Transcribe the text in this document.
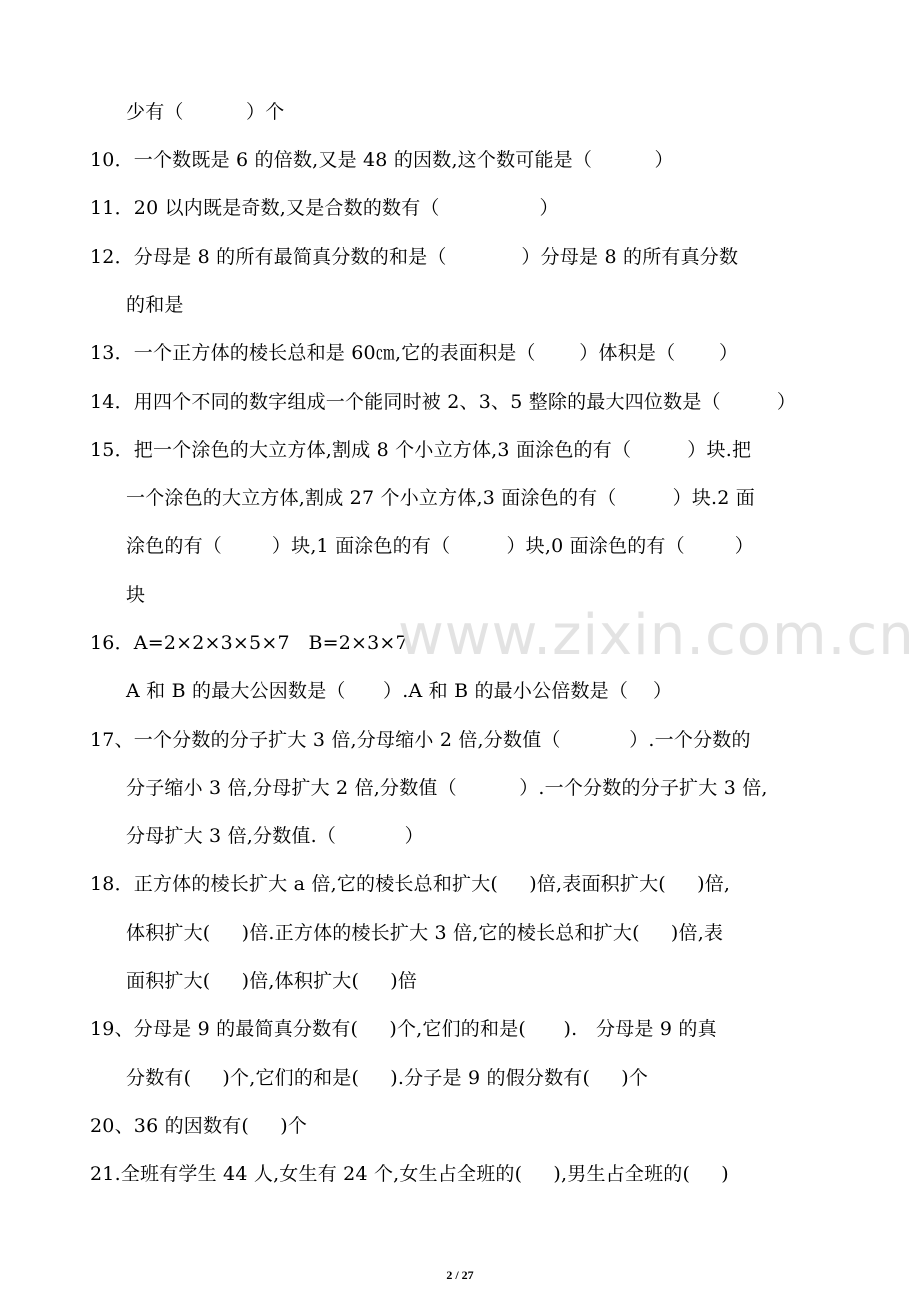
少有（          ）个
10．一个数既是 6 的倍数,又是 48 的因数,这个数可能是（          ）
11．20 以内既是奇数,又是合数的数有（                ）
12．分母是 8 的所有最简真分数的和是（            ）分母是 8 的所有真分数
的和是
13．一个正方体的棱长总和是 60㎝,它的表面积是（       ）体积是（       ）
14．用四个不同的数字组成一个能同时被 2、3、5 整除的最大四位数是（         ）
15．把一个涂色的大立方体,割成 8 个小立方体,3 面涂色的有（         ）块.把
一个涂色的大立方体,割成 27 个小立方体,3 面涂色的有（         ）块.2 面
涂色的有（        ）块,1 面涂色的有（         ）块,0 面涂色的有（        ）
块
16．A=2×2×3×5×7   B=2×3×7
A 和 B 的最大公因数是（      ）.A 和 B 的最小公倍数是（    ）
17、一个分数的分子扩大 3 倍,分母缩小 2 倍,分数值（           ）.一个分数的
分子缩小 3 倍,分母扩大 2 倍,分数值（          ）.一个分数的分子扩大 3 倍,
分母扩大 3 倍,分数值.（           ）
18．正方体的棱长扩大 a 倍,它的棱长总和扩大(     )倍,表面积扩大(     )倍,
体积扩大(     )倍.正方体的棱长扩大 3 倍,它的棱长总和扩大(     )倍,表
面积扩大(     )倍,体积扩大(     )倍
19、分母是 9 的最简真分数有(     )个,它们的和是(      ).   分母是 9 的真
分数有(     )个,它们的和是(     ).分子是 9 的假分数有(     )个
20、36 的因数有(     )个
21.全班有学生 44 人,女生有 24 个,女生占全班的(     ),男生占全班的(     )
www.zixin.com.cn
2 / 27
